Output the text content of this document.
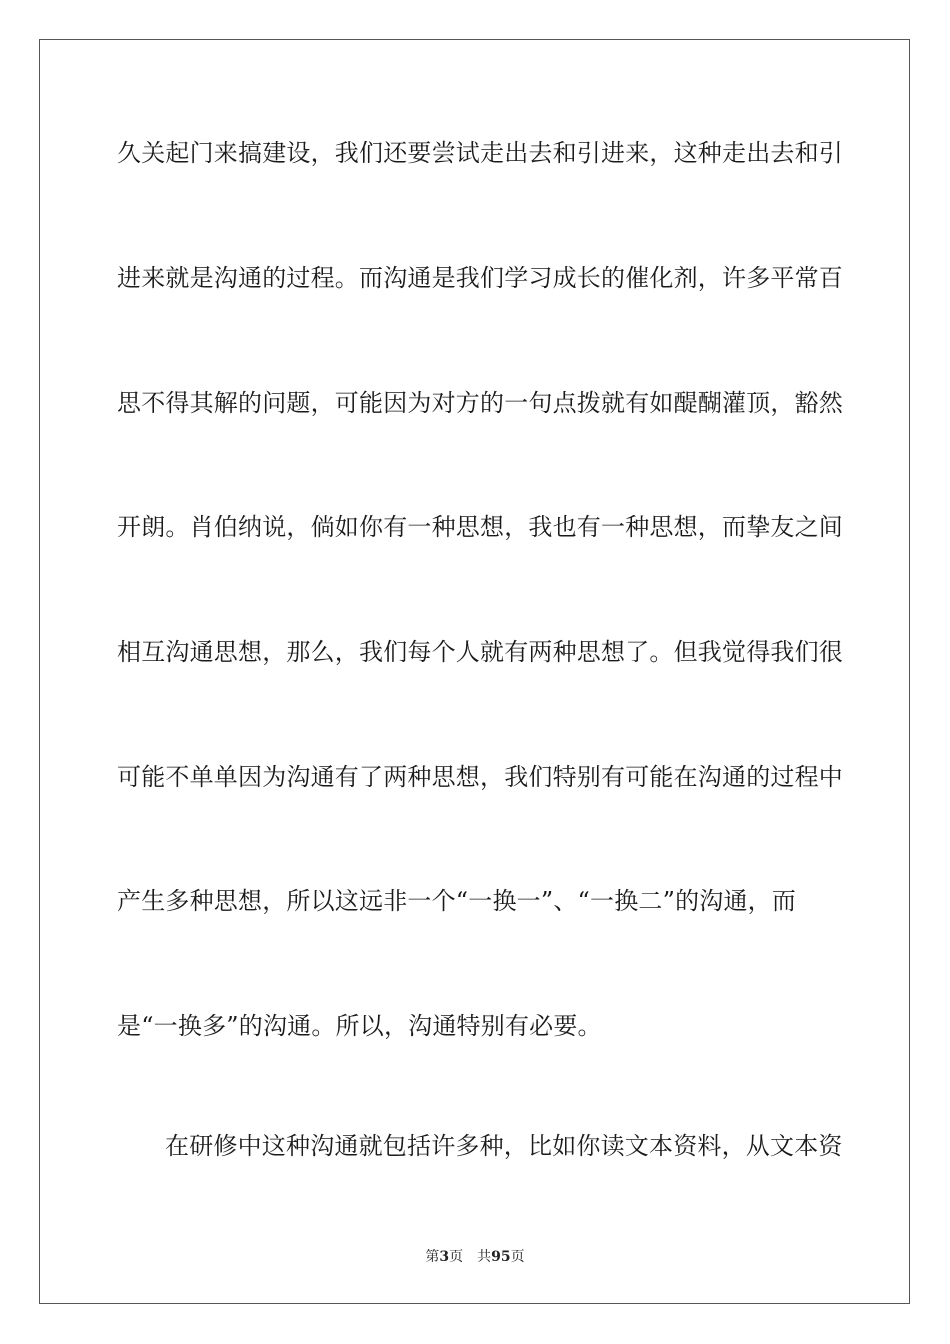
久关起门来搞建设，我们还要尝试走出去和引进来，这种走出去和引
进来就是沟通的过程。而沟通是我们学习成长的催化剂，许多平常百
思不得其解的问题，可能因为对方的一句点拨就有如醍醐灌顶，豁然
开朗。肖伯纳说，倘如你有一种思想，我也有一种思想，而挚友之间
相互沟通思想，那么，我们每个人就有两种思想了。但我觉得我们很
可能不单单因为沟通有了两种思想，我们特别有可能在沟通的过程中
产生多种思想，所以这远非一个“一换一”、“一换二”的沟通，而
是“一换多”的沟通。所以，沟通特别有必要。
在研修中这种沟通就包括许多种，比如你读文本资料，从文本资
第3页 共95页
